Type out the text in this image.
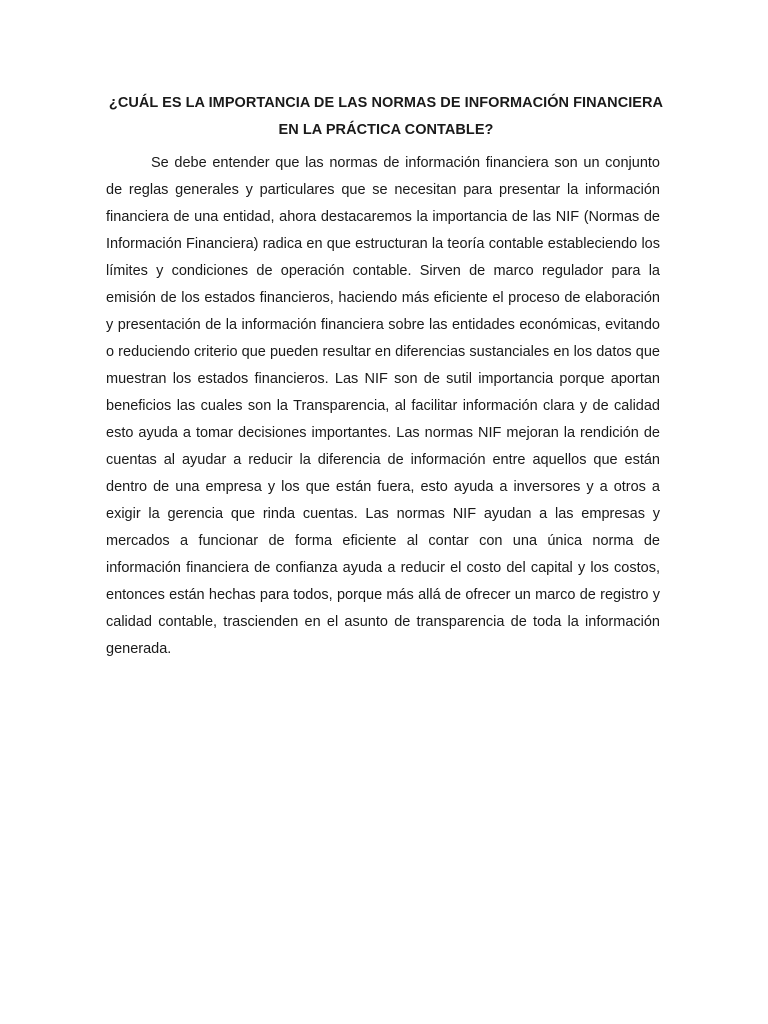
¿CUÁL ES LA IMPORTANCIA DE LAS NORMAS DE INFORMACIÓN FINANCIERA EN LA PRÁCTICA CONTABLE?

Se debe entender que las normas de información financiera son un conjunto de reglas generales y particulares que se necesitan para presentar la información financiera de una entidad, ahora destacaremos la importancia de las NIF (Normas de Información Financiera) radica en que estructuran la teoría contable estableciendo los límites y condiciones de operación contable. Sirven de marco regulador para la emisión de los estados financieros, haciendo más eficiente el proceso de elaboración y presentación de la información financiera sobre las entidades económicas, evitando o reduciendo criterio que pueden resultar en diferencias sustanciales en los datos que muestran los estados financieros. Las NIF son de sutil importancia porque aportan beneficios las cuales son la Transparencia, al facilitar información clara y de calidad esto ayuda a tomar decisiones importantes. Las normas NIF mejoran la rendición de cuentas al ayudar a reducir la diferencia de información entre aquellos que están dentro de una empresa y los que están fuera, esto ayuda a inversores y a otros a exigir la gerencia que rinda cuentas. Las normas NIF ayudan a las empresas y mercados a funcionar de forma eficiente al contar con una única norma de información financiera de confianza ayuda a reducir el costo del capital y los costos, entonces están hechas para todos, porque más allá de ofrecer un marco de registro y calidad contable, trascienden en el asunto de transparencia de toda la información generada.
